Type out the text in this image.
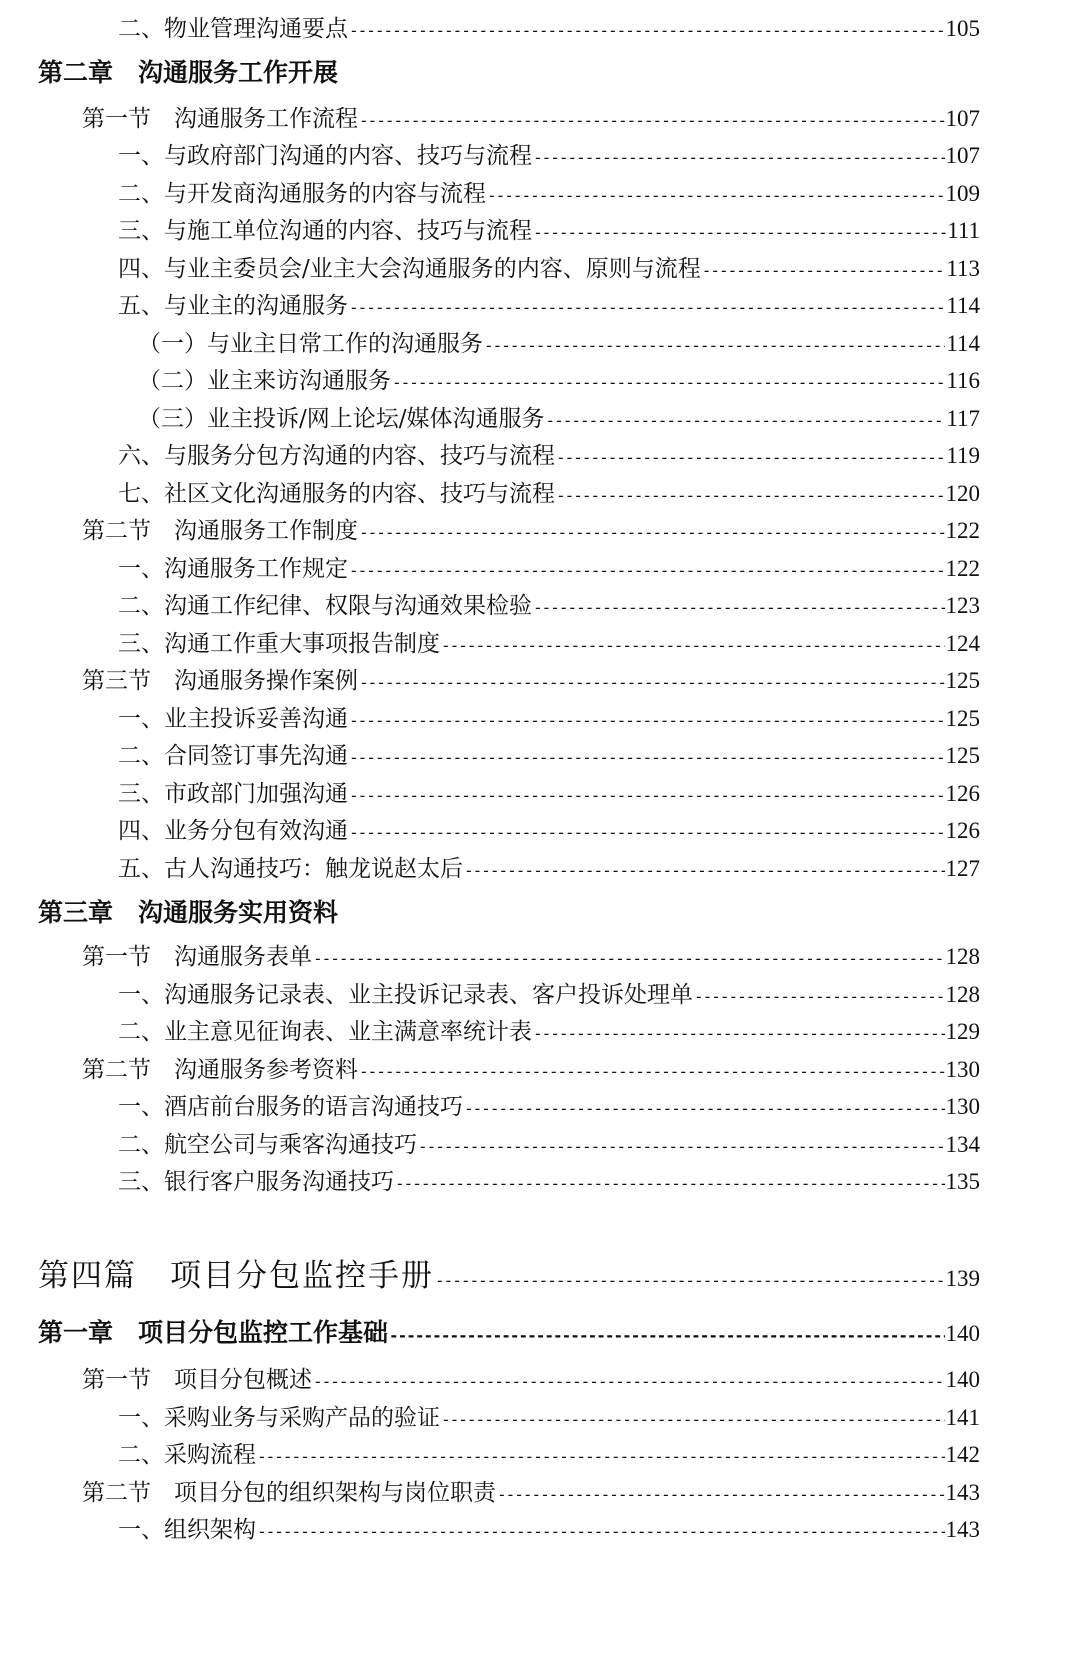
二、物业管理沟通要点 -----	105
第二章　沟通服务工作开展
第一节　沟通服务工作流程 -----	107
一、与政府部门沟通的内容、技巧与流程 -----	107
二、与开发商沟通服务的内容与流程 -----	109
三、与施工单位沟通的内容、技巧与流程 -----	111
四、与业主委员会/业主大会沟通服务的内容、原则与流程 -----	113
五、与业主的沟通服务 -----	114
（一）与业主日常工作的沟通服务 -----	114
（二）业主来访沟通服务 -----	116
（三）业主投诉/网上论坛/媒体沟通服务 -----	117
六、与服务分包方沟通的内容、技巧与流程 -----	119
七、社区文化沟通服务的内容、技巧与流程 -----	120
第二节　沟通服务工作制度 -----	122
一、沟通服务工作规定 -----	122
二、沟通工作纪律、权限与沟通效果检验 -----	123
三、沟通工作重大事项报告制度 -----	124
第三节　沟通服务操作案例 -----	125
一、业主投诉妥善沟通 -----	125
二、合同签订事先沟通 -----	125
三、市政部门加强沟通 -----	126
四、业务分包有效沟通 -----	126
五、古人沟通技巧：触龙说赵太后 -----	127
第三章　沟通服务实用资料
第一节　沟通服务表单 -----	128
一、沟通服务记录表、业主投诉记录表、客户投诉处理单 -----	128
二、业主意见征询表、业主满意率统计表 -----	129
第二节　沟通服务参考资料 -----	130
一、酒店前台服务的语言沟通技巧 -----	130
二、航空公司与乘客沟通技巧 -----	134
三、银行客户服务沟通技巧 -----	135
第四篇　项目分包监控手册 -----	139
第一章　项目分包监控工作基础 -----	140
第一节　项目分包概述 -----	140
一、采购业务与采购产品的验证 -----	141
二、采购流程 -----	142
第二节　项目分包的组织架构与岗位职责 -----	143
一、组织架构 -----	143
